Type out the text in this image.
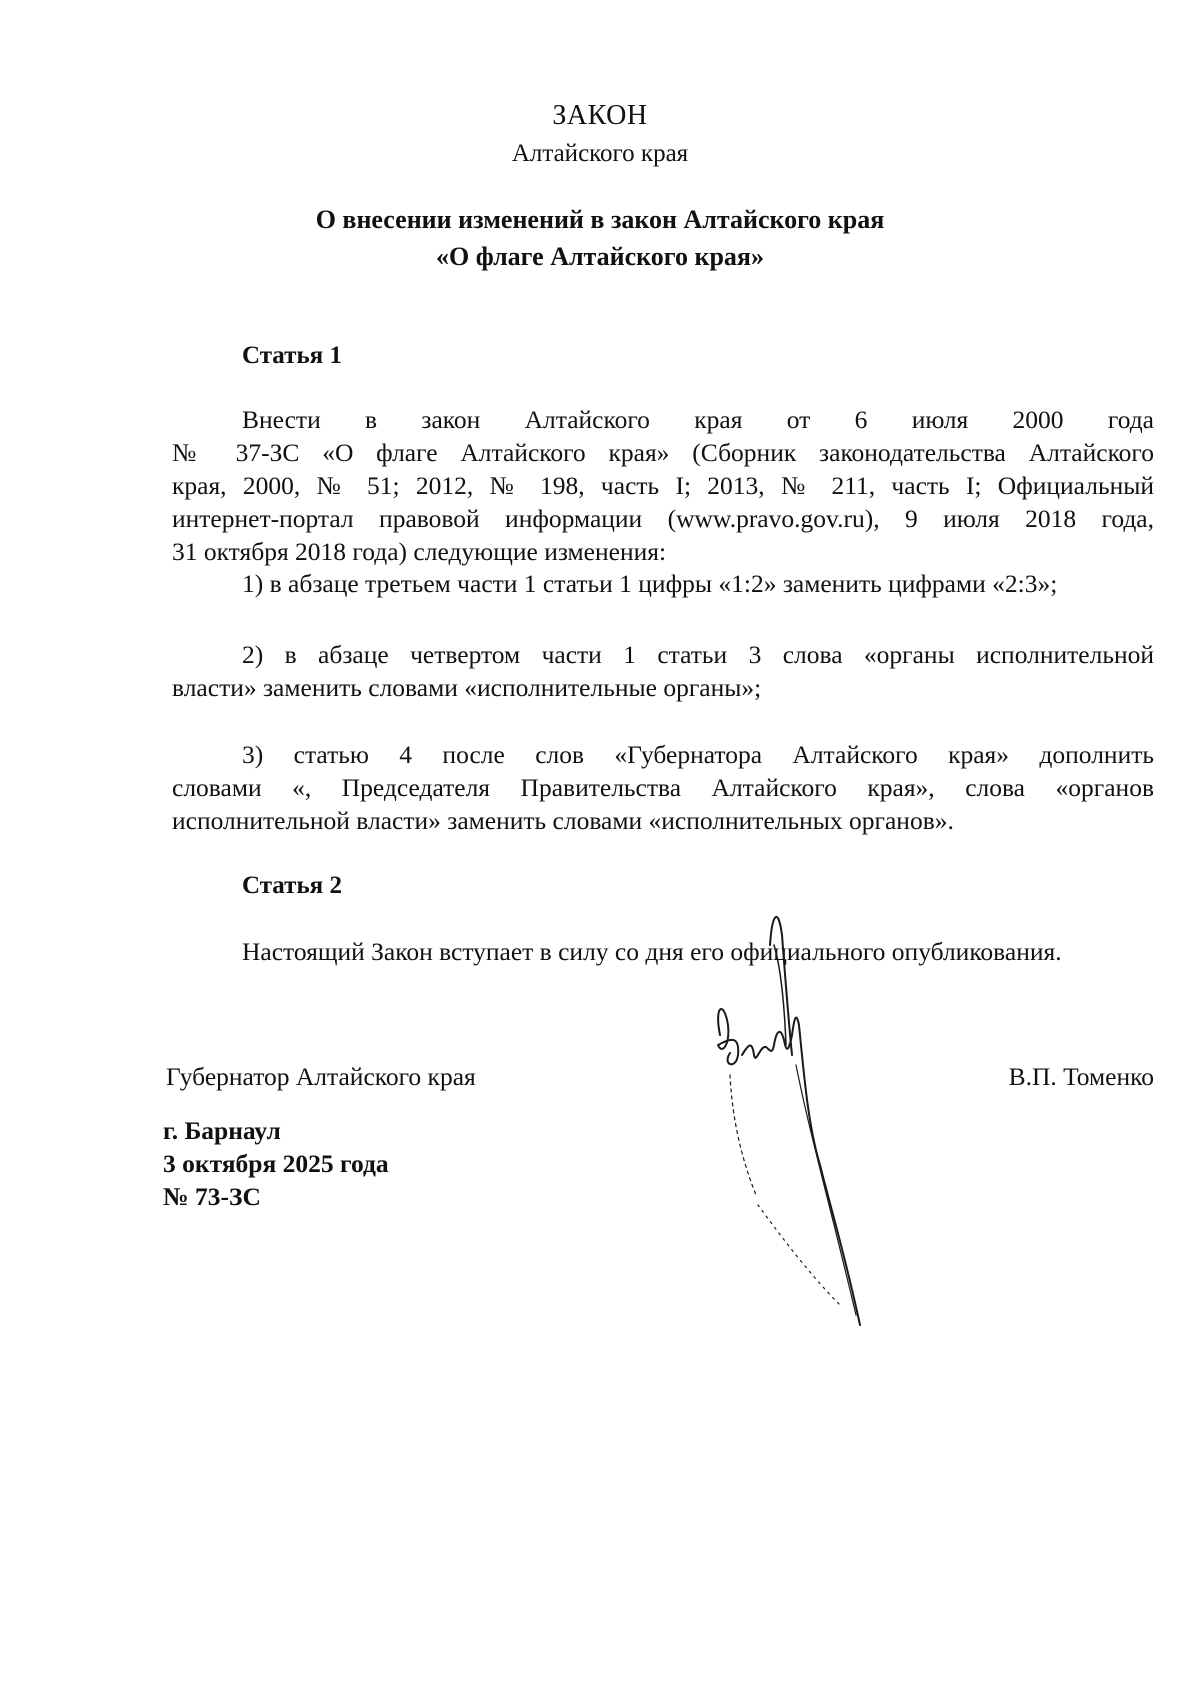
ЗАКОН
Алтайского края
О внесении изменений в закон Алтайского края
«О флаге Алтайского края»
Статья 1
Внести в закон Алтайского края от 6 июля 2000 года
№ 37-ЗС «О флаге Алтайского края» (Сборник законодательства Алтайского
края, 2000, № 51; 2012, № 198, часть I; 2013, № 211, часть I; Официальный
интернет-портал правовой информации (www.pravo.gov.ru), 9 июля 2018 года,
31 октября 2018 года) следующие изменения:
1) в абзаце третьем части 1 статьи 1 цифры «1:2» заменить цифрами «2:3»;
2) в абзаце четвертом части 1 статьи 3 слова «органы исполнительной
власти» заменить словами «исполнительные органы»;
3) статью 4 после слов «Губернатора Алтайского края» дополнить
словами «, Председателя Правительства Алтайского края», слова «органов
исполнительной власти» заменить словами «исполнительных органов».
Статья 2
Настоящий Закон вступает в силу со дня его официального опубликования.
Губернатор Алтайского края	В.П. Томенко
г. Барнаул
3 октября 2025 года
№ 73-ЗС
